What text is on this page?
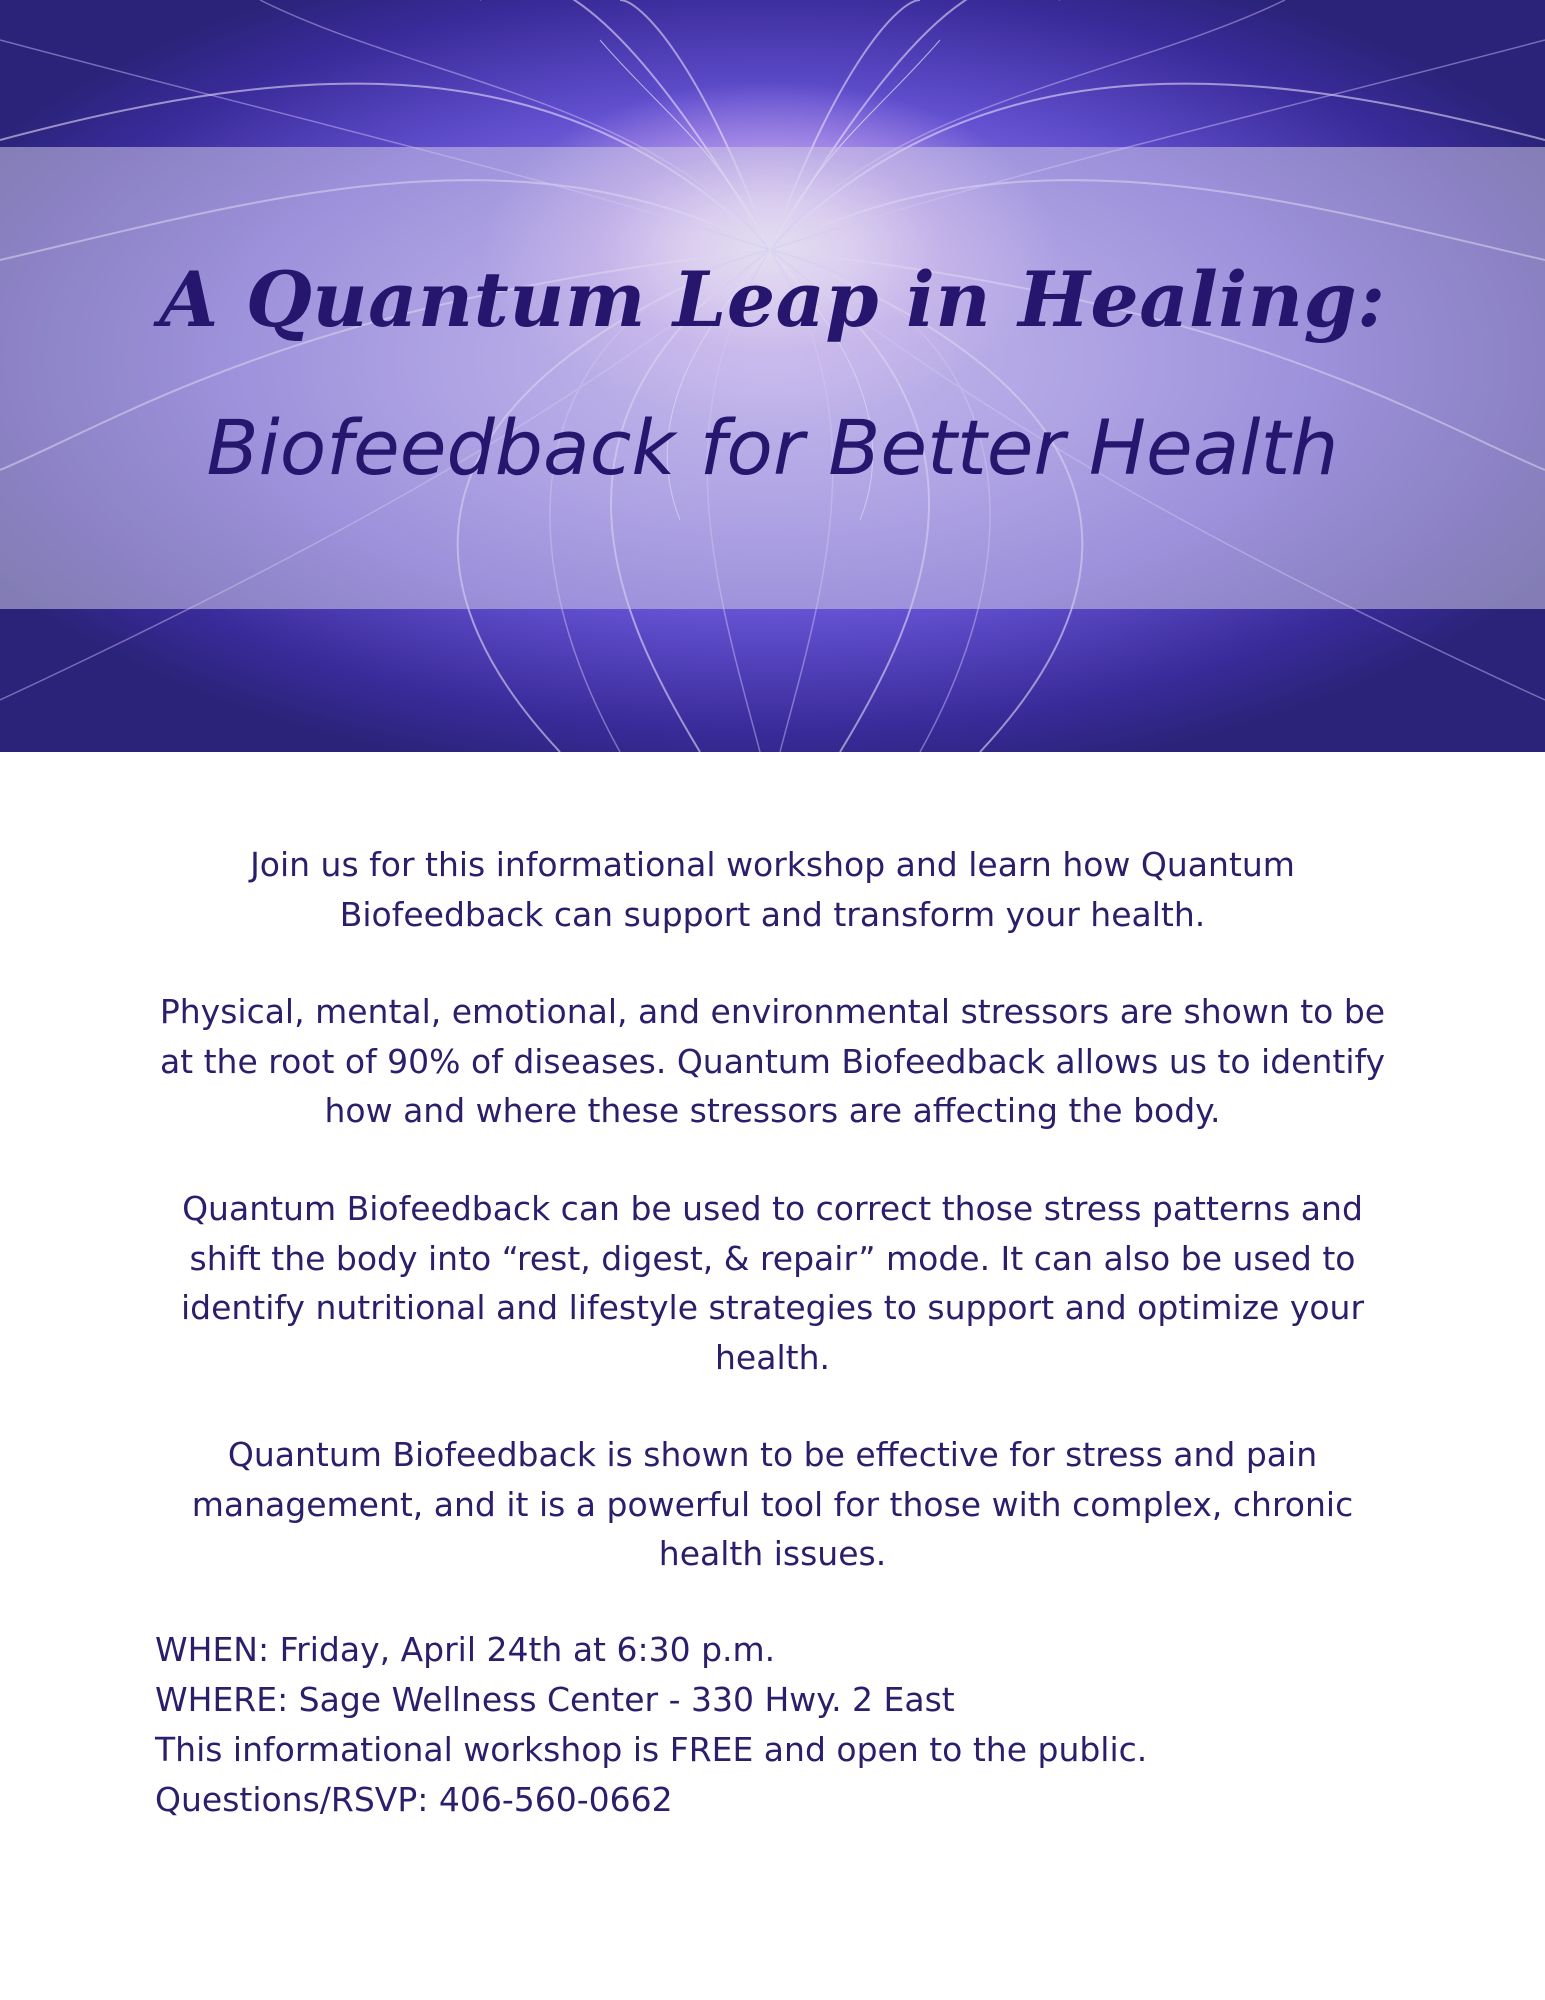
A Quantum Leap in Healing:
Biofeedback for Better Health

Join us for this informational workshop and learn how Quantum Biofeedback can support and transform your health.

Physical, mental, emotional, and environmental stressors are shown to be at the root of 90% of diseases. Quantum Biofeedback allows us to identify how and where these stressors are affecting the body.

Quantum Biofeedback can be used to correct those stress patterns and shift the body into “rest, digest, & repair” mode. It can also be used to identify nutritional and lifestyle strategies to support and optimize your health.

Quantum Biofeedback is shown to be effective for stress and pain management, and it is a powerful tool for those with complex, chronic health issues.

WHEN: Friday, April 24th at 6:30 p.m.
WHERE: Sage Wellness Center - 330 Hwy. 2 East
This informational workshop is FREE and open to the public.
Questions/RSVP: 406-560-0662
